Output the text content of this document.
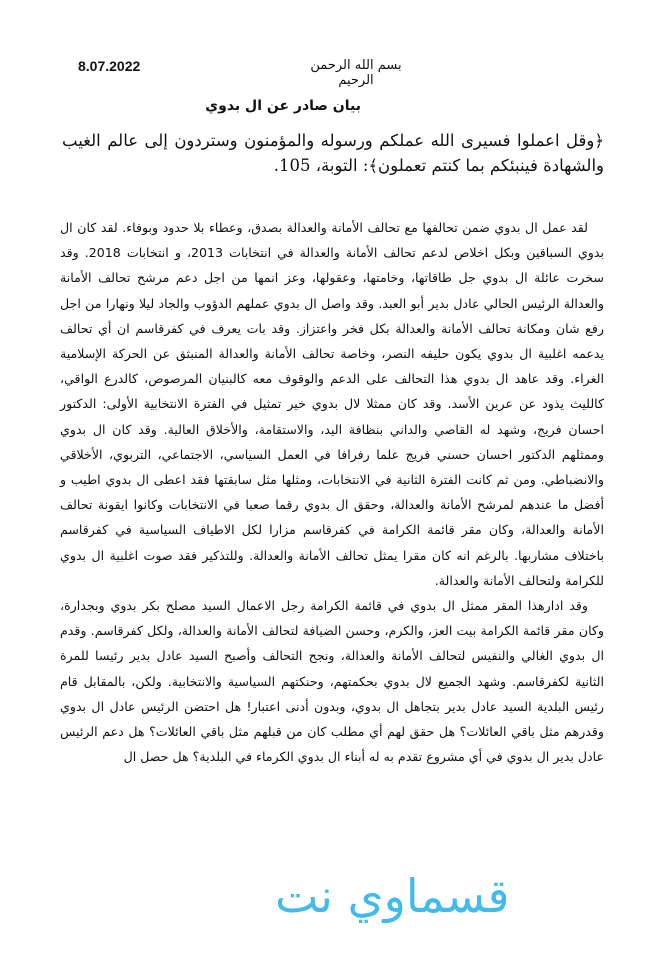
8.07.2022	بسم الله الرحمن الرحيم
بيان صادر عن ال بدوي
﴿وقل اعملوا فسيرى الله عملكم ورسوله والمؤمنون وستردون إلى عالم الغيب والشهادة فينبئكم بما كنتم تعملون﴾: التوبة، 105.

لقد عمل ال بدوي ضمن تحالفها مع تحالف الأمانة والعدالة بصدق، وعطاء بلا حدود وبوفاء. لقد كان ال بدوي السباقين وبكل اخلاص لدعم تحالف الأمانة والعدالة في انتخابات 2013، و انتخابات 2018. وقد سخرت عائلة ال بدوي جل طاقاتها، وخامتها، وعقولها، وعز انمها من اجل دعم مرشح تحالف الأمانة والعدالة الرئيس الحالي عادل بدير أبو العبد. وقد واصل ال بدوي عملهم الدؤوب والجاد ليلا ونهارا من اجل رفع شان ومكانة تحالف الأمانة والعدالة بكل فخر واعتزاز. وقد بات يعرف في كفرقاسم ان أي تحالف يدعمه اغلبية ال بدوي يكون حليفه النصر، وخاصة تحالف الأمانة والعدالة المنبثق عن الحركة الإسلامية الغراء. وقد عاهد ال بدوي هذا التحالف على الدعم والوقوف معه كالبنيان المرصوص، كالدرع الواقي، كالليث يذود عن عرين الأسد. وقد كان ممثلا لال بدوي خير تمثيل في الفترة الانتخابية الأولى: الدكتور احسان فريج، وشهد له القاصي والداني بنظافة اليد، والاستقامة، والأخلاق العالية. وقد كان ال بدوي وممثلهم الدكتور احسان حسني فريج علما رفرافا في العمل السياسي، الاجتماعي، التربوي، الأخلاقي والانضباطي. ومن ثم كانت الفترة الثانية في الانتخابات، ومثلها مثل سابقتها فقد اعطى ال بدوي اطيب و أفضل ما عندهم لمرشح الأمانة والعدالة، وحقق ال بدوي رقما صعبا في الانتخابات وكانوا ايقونة تحالف الأمانة والعدالة، وكان مقر قائمة الكرامة في كفرقاسم مزارا لكل الاطياف السياسية في كفرقاسم باختلاف مشاربها. بالرغم انه كان مقرا يمثل تحالف الأمانة والعدالة. وللتذكير فقد صوت اغلبية ال بدوي للكرامة ولتحالف الأمانة والعدالة.

وقد ادارهذا المقر ممثل ال بدوي في قائمة الكرامة رجل الاعمال السيد مصلح بكر بدوي وبجدارة، وكان مقر قائمة الكرامة بيت العز، والكرم، وحسن الضيافة لتحالف الأمانة والعدالة، ولكل كفرقاسم. وقدم ال بدوي الغالي والنفيس لتحالف الأمانة والعدالة، ونجح التحالف وأصبح السيد عادل بدير رئيسا للمرة الثانية لكفرقاسم. وشهد الجميع لال بدوي بحكمتهم، وحنكتهم السياسية والانتخابية. ولكن، بالمقابل قام رئيس البلدية السيد عادل بدير بتجاهل ال بدوي، وبدون أدنى اعتبار! هل احتضن الرئيس عادل ال بدوي وقدرهم مثل باقي العائلات؟ هل حقق لهم أي مطلب كان من قبلهم مثل باقي العائلات؟ هل دعم الرئيس عادل بدير ال بدوي في أي مشروع تقدم به له أبناء ال بدوي الكرماء في البلدية؟ هل حصل ال

قسماوي نت
